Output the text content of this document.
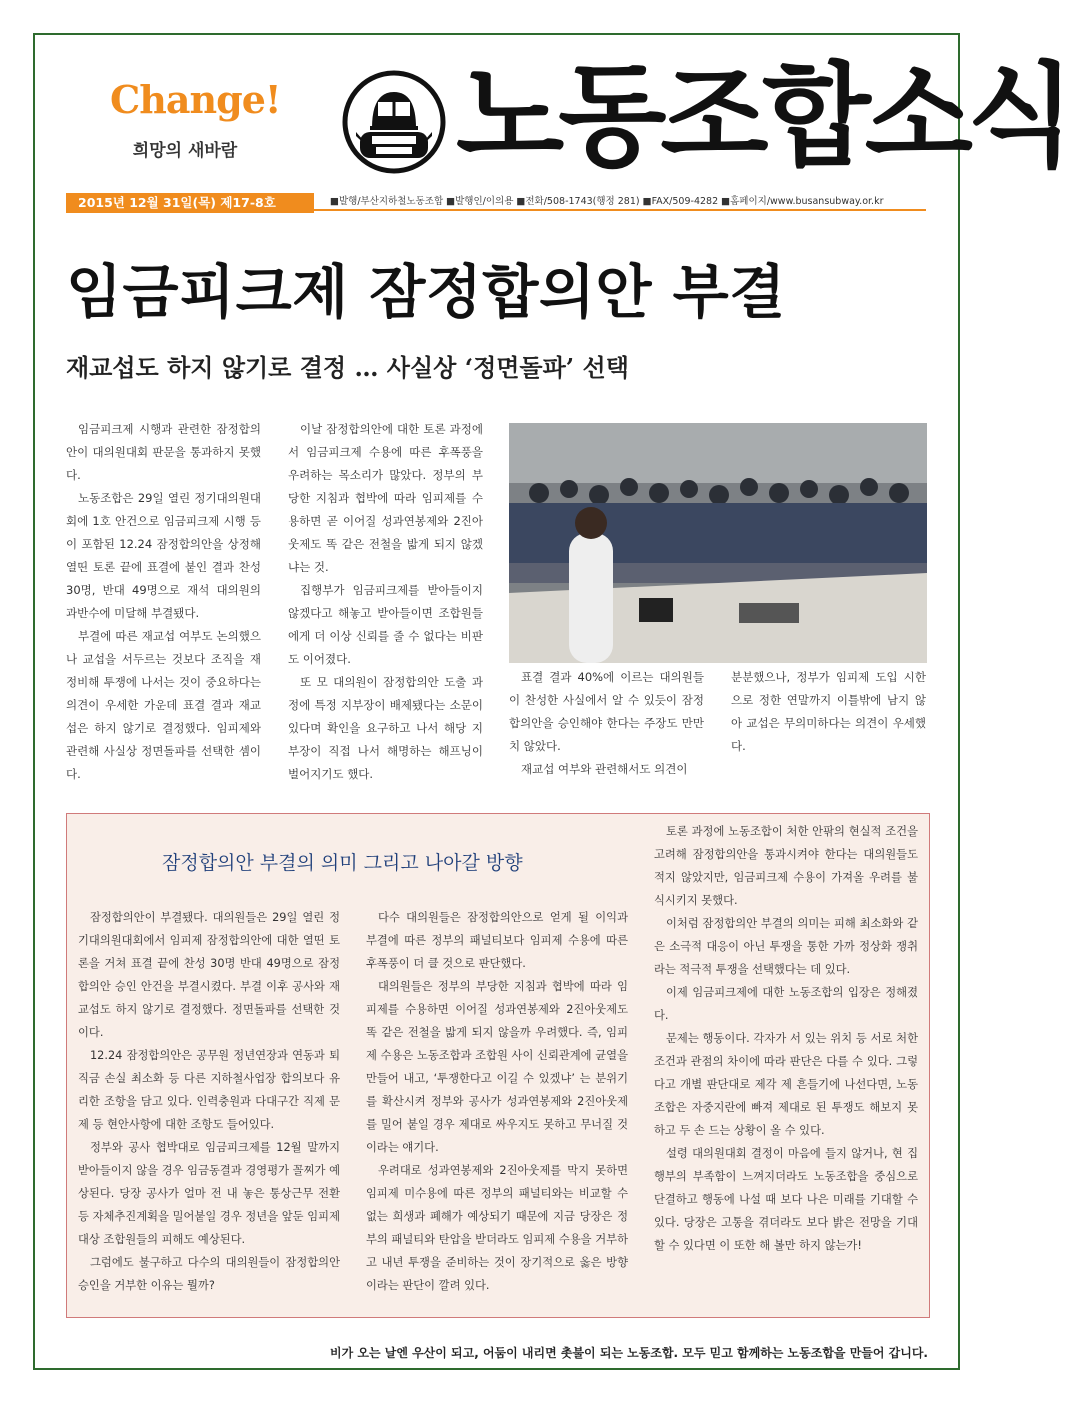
Change!
희망의 새바람 노동조합소식
2015년 12월 31일(목) 제17-8호	■발행/부산지하철노동조합 ■발행인/이의용 ■전화/508-1743(행정 281) ■FAX/509-4282 ■홈페이지/www.busansubway.or.kr
임금피크제 잠정합의안 부결
재교섭도 하지 않기로 결정 … 사실상 ‘정면돌파’ 선택

임금피크제 시행과 관련한 잠정합의안이 대의원대회 판문을 통과하지 못했다.

노동조합은 29일 열린 정기대의원대회에 1호 안건으로 임금피크제 시행 등이 포함된 12.24 잠정합의안을 상정해 열띤 토론 끝에 표결에 붙인 결과 찬성 30명, 반대 49명으로 재석 대의원의 과반수에 미달해 부결됐다.

부결에 따른 재교섭 여부도 논의했으나 교섭을 서두르는 것보다 조직을 재정비해 투쟁에 나서는 것이 중요하다는 의견이 우세한 가운데 표결 결과 재교섭은 하지 않기로 결정했다. 임피제와 관련해 사실상 정면돌파를 선택한 셈이다.

이날 잠정합의안에 대한 토론 과정에서 임금피크제 수용에 따른 후폭풍을 우려하는 목소리가 많았다. 정부의 부당한 지침과 협박에 따라 임피제를 수용하면 곧 이어질 성과연봉제와 2진아웃제도 똑 같은 전철을 밟게 되지 않겠냐는 것.

집행부가 임금피크제를 받아들이지 않겠다고 해놓고 받아들이면 조합원들에게 더 이상 신뢰를 줄 수 없다는 비판도 이어졌다.

또 모 대의원이 잠정합의안 도출 과정에 특정 지부장이 배제됐다는 소문이 있다며 확인을 요구하고 나서 해당 지부장이 직접 나서 해명하는 해프닝이 벌어지기도 했다.

표결 결과 40%에 이르는 대의원들이 찬성한 사실에서 알 수 있듯이 잠정합의안을 승인해야 한다는 주장도 만만치 않았다.

재교섭 여부와 관련해서도 의견이

분분했으나, 정부가 임피제 도입 시한으로 정한 연말까지 이틀밖에 남지 않아 교섭은 무의미하다는 의견이 우세했다.

잠정합의안 부결의 의미 그리고 나아갈 방향

잠정합의안이 부결됐다. 대의원들은 29일 열린 정기대의원대회에서 임피제 잠정합의안에 대한 열띤 토론을 거쳐 표결 끝에 찬성 30명 반대 49명으로 잠정합의안 승인 안건을 부결시켰다. 부결 이후 공사와 재교섭도 하지 않기로 결정했다. 정면돌파를 선택한 것이다.

12.24 잠정합의안은 공무원 정년연장과 연동과 퇴직금 손실 최소화 등 다른 지하철사업장 합의보다 유리한 조항을 담고 있다. 인력충원과 다대구간 직제 문제 등 현안사항에 대한 조항도 들어있다.

정부와 공사 협박대로 임금피크제를 12월 말까지 받아들이지 않을 경우 임금동결과 경영평가 꼴찌가 예상된다. 당장 공사가 얼마 전 내 놓은 통상근무 전환 등 자체추진계획을 밀어붙일 경우 정년을 앞둔 임피제 대상 조합원들의 피해도 예상된다.

그럼에도 불구하고 다수의 대의원들이 잠정합의안 승인을 거부한 이유는 뭘까?

다수 대의원들은 잠정합의안으로 얻게 될 이익과 부결에 따른 정부의 패널티보다 임피제 수용에 따른 후폭풍이 더 클 것으로 판단했다.

대의원들은 정부의 부당한 지침과 협박에 따라 임피제를 수용하면 이어질 성과연봉제와 2진아웃제도 똑 같은 전철을 밟게 되지 않을까 우려했다. 즉, 임피제 수용은 노동조합과 조합원 사이 신뢰관계에 균열을 만들어 내고, ‘투쟁한다고 이길 수 있겠냐’ 는 분위기를 확산시켜 정부와 공사가 성과연봉제와 2진아웃제를 밀어 붙일 경우 제대로 싸우지도 못하고 무너질 것이라는 얘기다.

우려대로 성과연봉제와 2진아웃제를 막지 못하면 임피제 미수용에 따른 정부의 패널티와는 비교할 수 없는 희생과 폐해가 예상되기 때문에 지금 당장은 정부의 패널티와 탄압을 받더라도 임피제 수용을 거부하고 내년 투쟁을 준비하는 것이 장기적으로 옳은 방향이라는 판단이 깔려 있다.

토론 과정에 노동조합이 처한 안팎의 현실적 조건을 고려해 잠정합의안을 통과시켜야 한다는 대의원들도 적지 않았지만, 임금피크제 수용이 가져올 우려를 불식시키지 못했다.

이처럼 잠정합의안 부결의 의미는 피해 최소화와 같은 소극적 대응이 아닌 투쟁을 통한 가까 정상화 쟁취라는 적극적 투쟁을 선택했다는 데 있다.

이제 임금피크제에 대한 노동조합의 입장은 정해졌다.

문제는 행동이다. 각자가 서 있는 위치 등 서로 처한 조건과 관점의 차이에 따라 판단은 다를 수 있다. 그렇다고 개별 판단대로 제각 제 흔들기에 나선다면, 노동조합은 자중지란에 빠져 제대로 된 투쟁도 해보지 못하고 두 손 드는 상황이 올 수 있다.

설령 대의원대회 결정이 마음에 들지 않거나, 현 집행부의 부족함이 느껴지더라도 노동조합을 중심으로 단결하고 행동에 나설 때 보다 나은 미래를 기대할 수 있다. 당장은 고통을 겪더라도 보다 밝은 전망을 기대할 수 있다면 이 또한 해 볼만 하지 않는가!

비가 오는 날엔 우산이 되고, 어둠이 내리면 촛불이 되는 노동조합. 모두 믿고 함께하는 노동조합을 만들어 갑니다.
